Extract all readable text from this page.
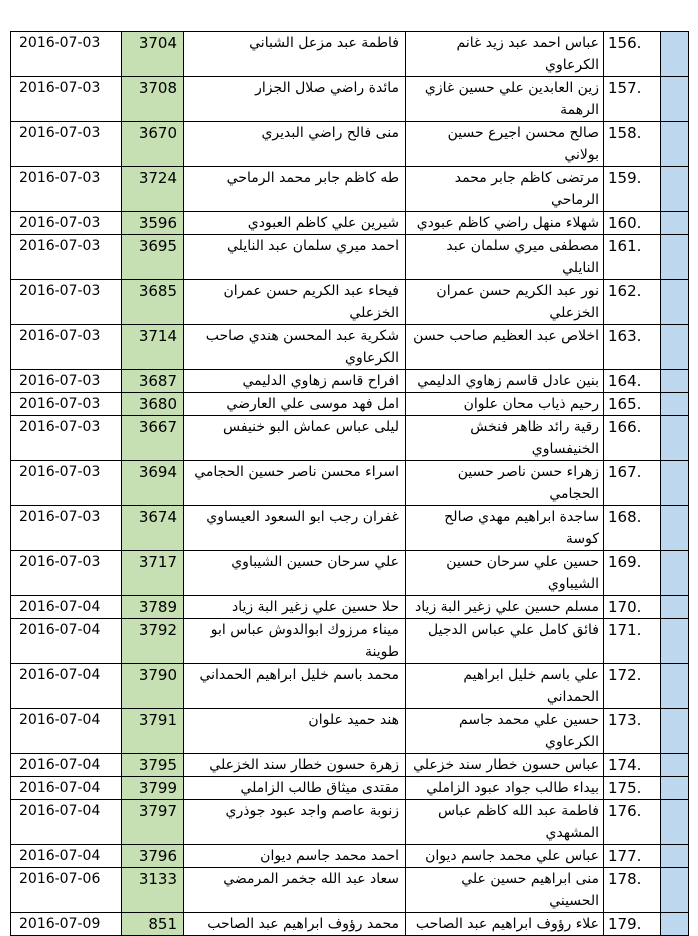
2016-07-03	3704	فاطمة عبد مزعل الشباني	عباس احمد عبد زيد غانم الكرعاوي	156.	
2016-07-03	3708	مائدة راضي صلال الجزار	زين العابدين علي حسين غازي الرهمة	157.	
2016-07-03	3670	منى فالح راضي البديري	صالح محسن اجيرع حسين بولاني	158.	
2016-07-03	3724	طه كاظم جابر محمد الرماحي	مرتضى كاظم جابر محمد الرماحي	159.	
2016-07-03	3596	شيرين علي كاظم العبودي	شهلاء منهل راضي كاظم عبودي	160.	
2016-07-03	3695	احمد ميري سلمان عبد النايلي	مصطفى ميري سلمان عبد النايلي	161.	
2016-07-03	3685	فيحاء عبد الكريم حسن عمران الخزعلي	نور عبد الكريم حسن عمران الخزعلي	162.	
2016-07-03	3714	شكرية عبد المحسن هندي صاحب الكرعاوي	اخلاص عبد العظيم صاحب حسن	163.	
2016-07-03	3687	افراح قاسم زهاوي الدليمي	بنين عادل قاسم زهاوي الدليمي	164.	
2016-07-03	3680	امل فهد موسى علي العارضي	رحيم ذياب محان علوان	165.	
2016-07-03	3667	ليلى عباس عماش البو خنيفس	رقية رائد ظاهر فنخش الخنيفساوي	166.	
2016-07-03	3694	اسراء محسن ناصر حسين الحجامي	زهراء حسن ناصر حسين الحجامي	167.	
2016-07-03	3674	غفران رجب ابو السعود العيساوي	ساجدة ابراهيم مهدي صالح كوسة	168.	
2016-07-03	3717	علي سرحان حسين الشيباوي	حسين علي سرحان حسين الشيباوي	169.	
2016-07-04	3789	حلا حسين علي زغير البة زياد	مسلم حسين علي زغير البة زياد	170.	
2016-07-04	3792	ميناء مرزوك ابوالدوش عباس ابو طوينة	فائق كامل علي عباس الدجيل	171.	
2016-07-04	3790	محمد باسم خليل ابراهيم الحمداني	علي باسم خليل ابراهيم الحمداني	172.	
2016-07-04	3791	هند حميد علوان	حسين علي محمد جاسم الكرعاوي	173.	
2016-07-04	3795	زهرة حسون خطار سند الخزعلي	عباس حسون خطار سند خزعلي	174.	
2016-07-04	3799	مقتدى ميثاق طالب الزاملي	بيداء طالب جواد عبود الزاملي	175.	
2016-07-04	3797	زنوبة عاصم واجد عبود جوذري	فاطمة عبد الله كاظم عباس المشهدي	176.	
2016-07-04	3796	احمد محمد جاسم ديوان	عباس علي محمد جاسم ديوان	177.	
2016-07-06	3133	سعاد عبد الله جخمر المرمضي	منى ابراهيم حسين علي الحسيني	178.	
2016-07-09	851	محمد رؤوف ابراهيم عبد الصاحب	علاء رؤوف ابراهيم عبد الصاحب	179.	
